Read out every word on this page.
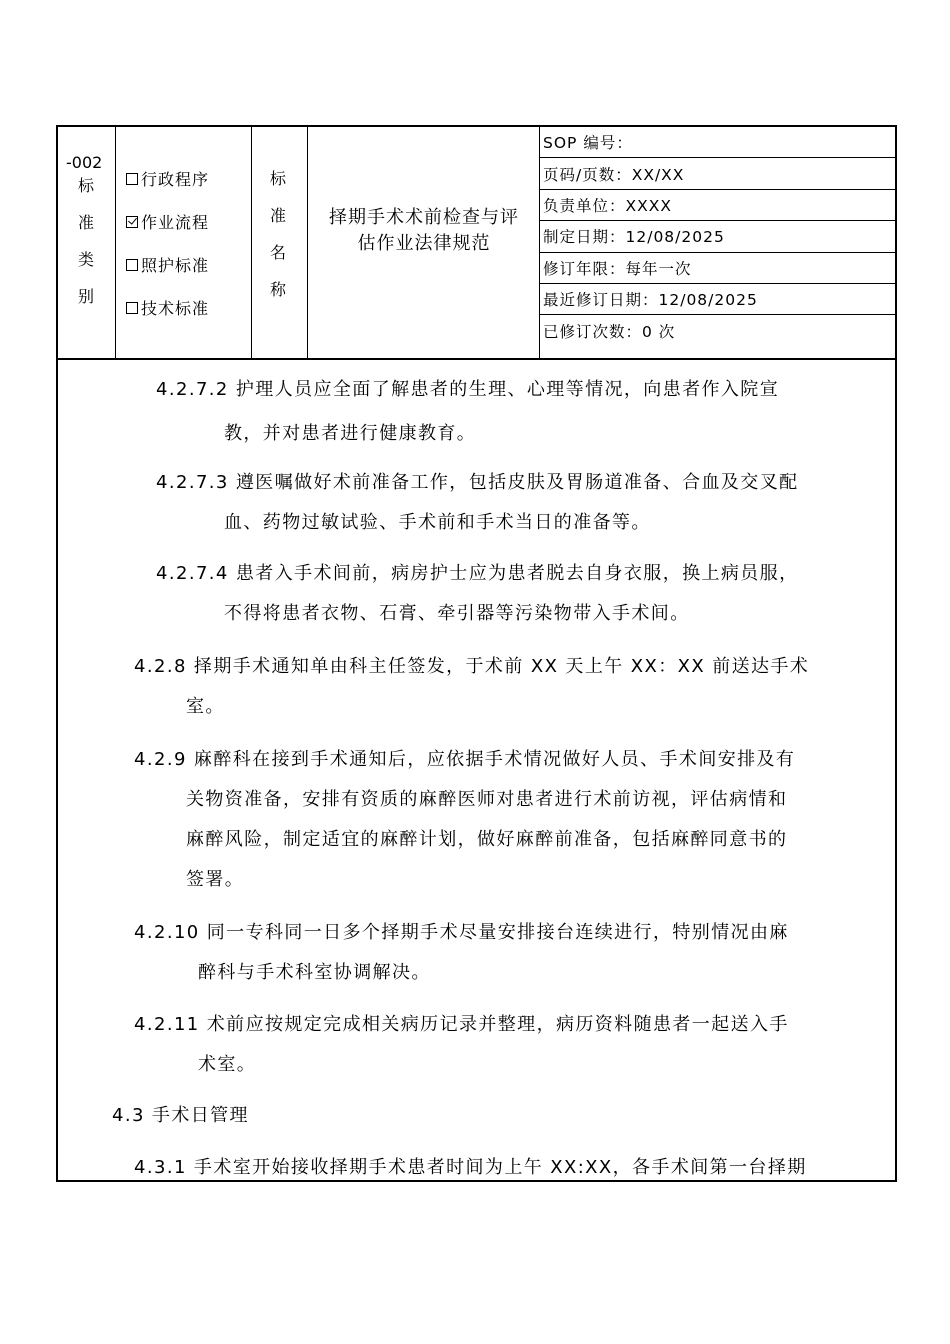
-002
标
准
类
别
行政程序
作业流程
照护标准
技术标准
标
准
名
称
择期手术术前检查与评
估作业法律规范
SOP 编号：
页码/页数：XX/XX
负责单位：XXXX
制定日期：12/08/2025
修订年限：每年一次
最近修订日期：12/08/2025
已修订次数：0 次
4.2.7.2 护理人员应全面了解患者的生理、心理等情况，向患者作入院宣
教，并对患者进行健康教育。
4.2.7.3 遵医嘱做好术前准备工作，包括皮肤及胃肠道准备、合血及交叉配
血、药物过敏试验、手术前和手术当日的准备等。
4.2.7.4 患者入手术间前，病房护士应为患者脱去自身衣服，换上病员服，
不得将患者衣物、石膏、牵引器等污染物带入手术间。
4.2.8 择期手术通知单由科主任签发，于术前 XX 天上午 XX：XX 前送达手术
室。
4.2.9 麻醉科在接到手术通知后，应依据手术情况做好人员、手术间安排及有
关物资准备，安排有资质的麻醉医师对患者进行术前访视，评估病情和
麻醉风险，制定适宜的麻醉计划，做好麻醉前准备，包括麻醉同意书的
签署。
4.2.10 同一专科同一日多个择期手术尽量安排接台连续进行，特别情况由麻
醉科与手术科室协调解决。
4.2.11 术前应按规定完成相关病历记录并整理，病历资料随患者一起送入手
术室。
4.3 手术日管理
4.3.1 手术室开始接收择期手术患者时间为上午 XX:XX，各手术间第一台择期
